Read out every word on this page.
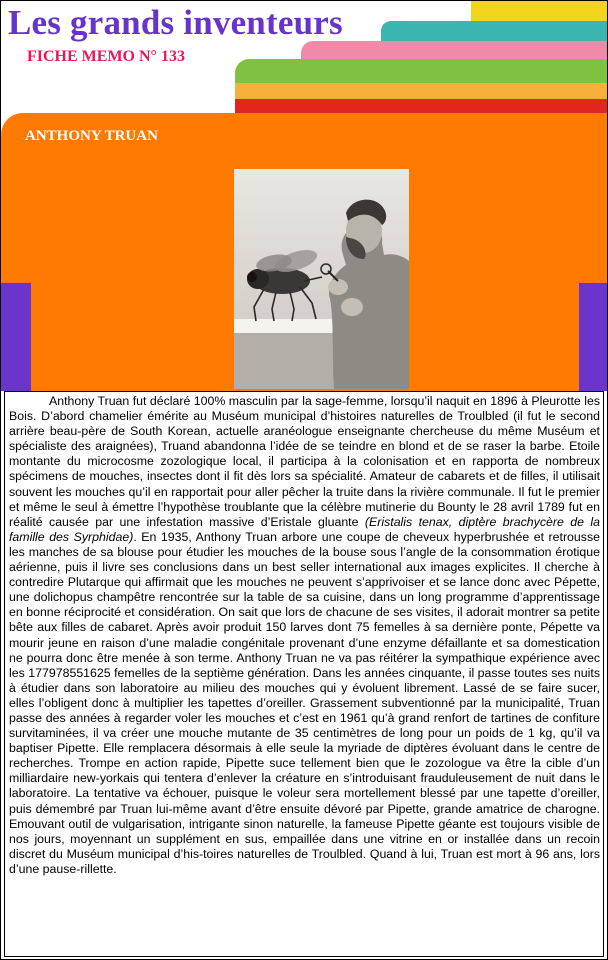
Les grands inventeurs
FICHE MEMO N° 133
ANTHONY TRUAN

Anthony Truan fut déclaré 100% masculin par la sage-femme, lorsqu’il naquit en 1896 à Pleurotte les Bois. D’abord chamelier émérite au Muséum municipal d’histoires naturelles de Troulbled (il fut le second arrière beau-père de South Korean, actuelle aranéologue enseignante chercheuse du même Muséum et spécialiste des araignées), Truand abandonna l’idée de se teindre en blond et de se raser la barbe. Etoile montante du microcosme zozologique local, il participa à la colonisation et en rapporta de nombreux spécimens de mouches, insectes dont il fit dès lors sa spécialité. Amateur de cabarets et de filles, il utilisait souvent les mouches qu’il en rapportait pour aller pêcher la truite dans la rivière communale. Il fut le premier et même le seul à émettre l’hypothèse troublante que la célèbre mutinerie du Bounty le 28 avril 1789 fut en réalité causée par une infestation massive d’Eristale gluante (Eristalis tenax, diptère brachycère de la famille des Syrphidae). En 1935, Anthony Truan arbore une coupe de cheveux hyperbrushée et retrousse les manches de sa blouse pour étudier les mouches de la bouse sous l’angle de la consommation érotique aérienne, puis il livre ses conclusions dans un best seller international aux images explicites. Il cherche à contredire Plutarque qui affirmait que les mouches ne peuvent s’apprivoiser et se lance donc avec Pépette, une dolichopus champêtre rencontrée sur la table de sa cuisine, dans un long programme d’apprentissage en bonne réciprocité et considération. On sait que lors de chacune de ses visites, il adorait montrer sa petite bête aux filles de cabaret. Après avoir produit 150 larves dont 75 femelles à sa dernière ponte, Pépette va mourir jeune en raison d’une maladie congénitale provenant d’une enzyme défaillante et sa domestication ne pourra donc être menée à son terme. Anthony Truan ne va pas réitérer la sympathique expérience avec les 177978551625 femelles de la septième génération. Dans les années cinquante, il passe toutes ses nuits à étudier dans son laboratoire au milieu des mouches qui y évoluent librement. Lassé de se faire sucer, elles l’obligent donc à multiplier les tapettes d’oreiller. Grassement subventionné par la municipalité, Truan passe des années à regarder voler les mouches et c’est en 1961 qu’à grand renfort de tartines de confiture survitaminées, il va créer une mouche mutante de 35 centimètres de long pour un poids de 1 kg, qu’il va baptiser Pipette. Elle remplacera désormais à elle seule la myriade de diptères évoluant dans le centre de recherches. Trompe en action rapide, Pipette suce tellement bien que le zozologue va être la cible d’un milliardaire new-yorkais qui tentera d’enlever la créature en s’introduisant frauduleusement de nuit dans le laboratoire. La tentative va échouer, puisque le voleur sera mortellement blessé par une tapette d’oreiller, puis démembré par Truan lui-même avant d’être ensuite dévoré par Pipette, grande amatrice de charogne. Emouvant outil de vulgarisation, intrigante sinon naturelle, la fameuse Pipette géante est toujours visible de nos jours, moyennant un supplément en sus, empaillée dans une vitrine en or installée dans un recoin discret du Muséum municipal d’his-toires naturelles de Troulbled. Quand à lui, Truan est mort à 96 ans, lors d’une pause-rillette.
